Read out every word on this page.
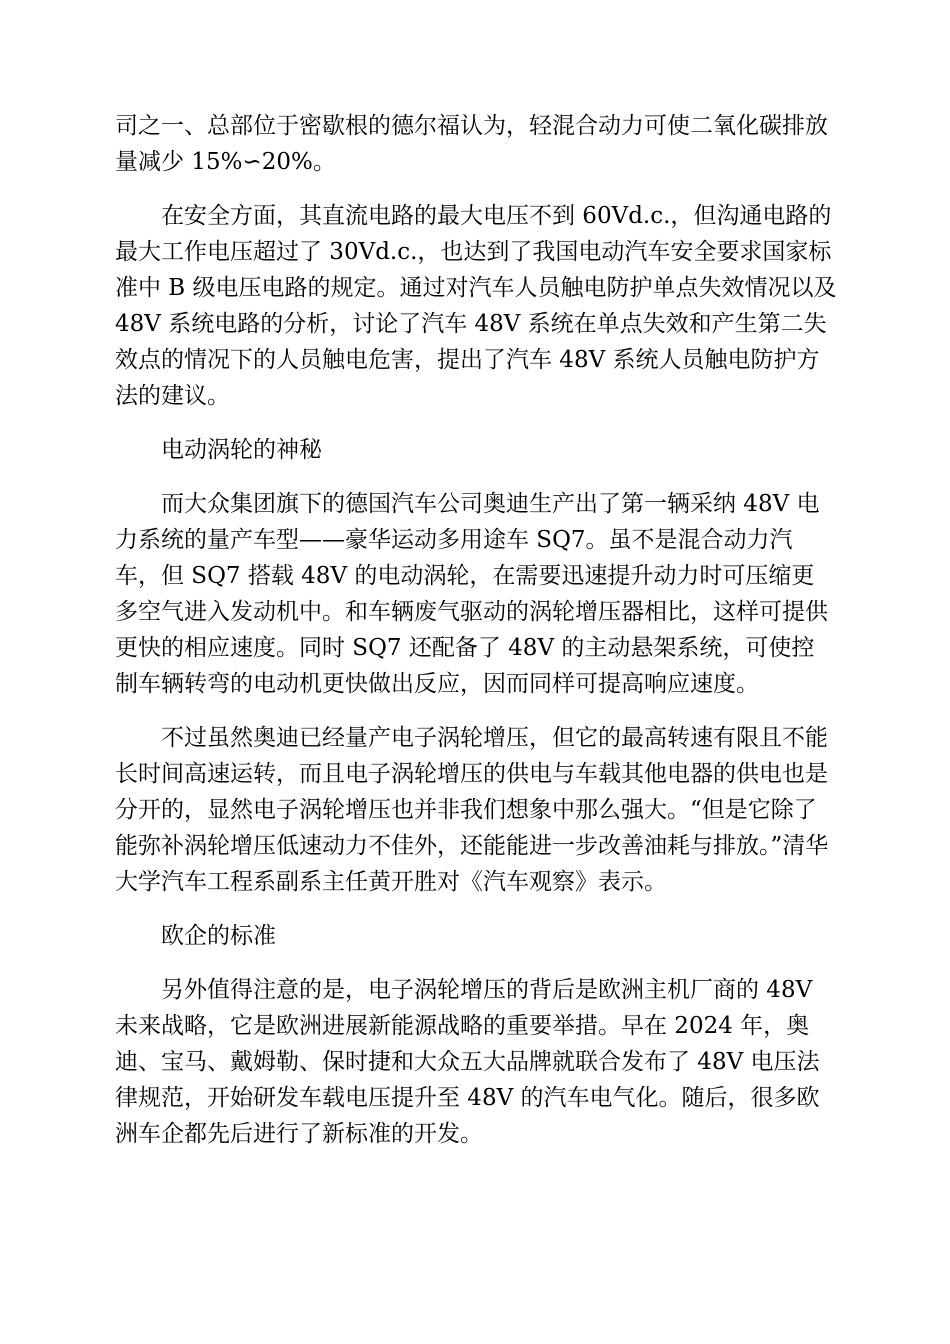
司之一、总部位于密歇根的德尔福认为，轻混合动力可使二氧化碳排放量减少 15%∽20%。

在安全方面，其直流电路的最大电压不到 60Vd.c.，但沟通电路的最大工作电压超过了 30Vd.c.，也达到了我国电动汽车安全要求国家标准中 B 级电压电路的规定。通过对汽车人员触电防护单点失效情况以及 48V 系统电路的分析，讨论了汽车 48V 系统在单点失效和产生第二失效点的情况下的人员触电危害，提出了汽车 48V 系统人员触电防护方法的建议。

电动涡轮的神秘

而大众集团旗下的德国汽车公司奥迪生产出了第一辆采纳 48V 电力系统的量产车型——豪华运动多用途车 SQ7。虽不是混合动力汽车，但 SQ7 搭载 48V 的电动涡轮，在需要迅速提升动力时可压缩更多空气进入发动机中。和车辆废气驱动的涡轮增压器相比，这样可提供更快的相应速度。同时 SQ7 还配备了 48V 的主动悬架系统，可使控制车辆转弯的电动机更快做出反应，因而同样可提高响应速度。

不过虽然奥迪已经量产电子涡轮增压，但它的最高转速有限且不能长时间高速运转，而且电子涡轮增压的供电与车载其他电器的供电也是分开的，显然电子涡轮增压也并非我们想象中那么强大。“但是它除了能弥补涡轮增压低速动力不佳外，还能能进一步改善油耗与排放。”清华大学汽车工程系副系主任黄开胜对《汽车观察》表示。

欧企的标准

另外值得注意的是，电子涡轮增压的背后是欧洲主机厂商的 48V 未来战略，它是欧洲进展新能源战略的重要举措。早在 2024 年，奥迪、宝马、戴姆勒、保时捷和大众五大品牌就联合发布了 48V 电压法律规范，开始研发车载电压提升至 48V 的汽车电气化。随后，很多欧洲车企都先后进行了新标准的开发。
